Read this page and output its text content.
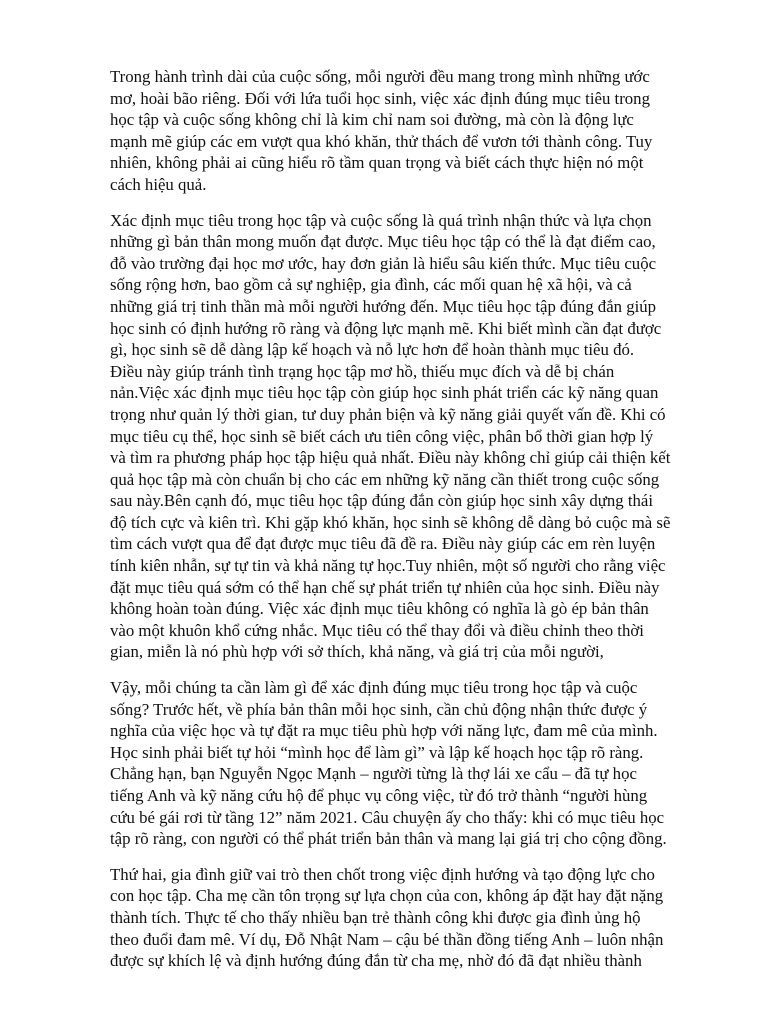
Trong hành trình dài của cuộc sống, mỗi người đều mang trong mình những ước
mơ, hoài bão riêng. Đối với lứa tuổi học sinh, việc xác định đúng mục tiêu trong
học tập và cuộc sống không chỉ là kim chỉ nam soi đường, mà còn là động lực
mạnh mẽ giúp các em vượt qua khó khăn, thử thách để vươn tới thành công. Tuy
nhiên, không phải ai cũng hiểu rõ tầm quan trọng và biết cách thực hiện nó một
cách hiệu quả.

Xác định mục tiêu trong học tập và cuộc sống là quá trình nhận thức và lựa chọn
những gì bản thân mong muốn đạt được. Mục tiêu học tập có thể là đạt điểm cao,
đỗ vào trường đại học mơ ước, hay đơn giản là hiểu sâu kiến thức. Mục tiêu cuộc
sống rộng hơn, bao gồm cả sự nghiệp, gia đình, các mối quan hệ xã hội, và cả
những giá trị tinh thần mà mỗi người hướng đến. Mục tiêu học tập đúng đắn giúp
học sinh có định hướng rõ ràng và động lực mạnh mẽ. Khi biết mình cần đạt được
gì, học sinh sẽ dễ dàng lập kế hoạch và nỗ lực hơn để hoàn thành mục tiêu đó.
Điều này giúp tránh tình trạng học tập mơ hồ, thiếu mục đích và dễ bị chán
nản.Việc xác định mục tiêu học tập còn giúp học sinh phát triển các kỹ năng quan
trọng như quản lý thời gian, tư duy phản biện và kỹ năng giải quyết vấn đề. Khi có
mục tiêu cụ thể, học sinh sẽ biết cách ưu tiên công việc, phân bổ thời gian hợp lý
và tìm ra phương pháp học tập hiệu quả nhất. Điều này không chỉ giúp cải thiện kết
quả học tập mà còn chuẩn bị cho các em những kỹ năng cần thiết trong cuộc sống
sau này.Bên cạnh đó, mục tiêu học tập đúng đắn còn giúp học sinh xây dựng thái
độ tích cực và kiên trì. Khi gặp khó khăn, học sinh sẽ không dễ dàng bỏ cuộc mà sẽ
tìm cách vượt qua để đạt được mục tiêu đã đề ra. Điều này giúp các em rèn luyện
tính kiên nhẫn, sự tự tin và khả năng tự học.Tuy nhiên, một số người cho rằng việc
đặt mục tiêu quá sớm có thể hạn chế sự phát triển tự nhiên của học sinh. Điều này
không hoàn toàn đúng. Việc xác định mục tiêu không có nghĩa là gò ép bản thân
vào một khuôn khổ cứng nhắc. Mục tiêu có thể thay đổi và điều chỉnh theo thời
gian, miễn là nó phù hợp với sở thích, khả năng, và giá trị của mỗi người,

Vậy, mỗi chúng ta cần làm gì để xác định đúng mục tiêu trong học tập và cuộc
sống? Trước hết, về phía bản thân mỗi học sinh, cần chủ động nhận thức được ý
nghĩa của việc học và tự đặt ra mục tiêu phù hợp với năng lực, đam mê của mình.
Học sinh phải biết tự hỏi “mình học để làm gì” và lập kế hoạch học tập rõ ràng.
Chẳng hạn, bạn Nguyễn Ngọc Mạnh – người từng là thợ lái xe cẩu – đã tự học
tiếng Anh và kỹ năng cứu hộ để phục vụ công việc, từ đó trở thành “người hùng
cứu bé gái rơi từ tầng 12” năm 2021. Câu chuyện ấy cho thấy: khi có mục tiêu học
tập rõ ràng, con người có thể phát triển bản thân và mang lại giá trị cho cộng đồng.

Thứ hai, gia đình giữ vai trò then chốt trong việc định hướng và tạo động lực cho
con học tập. Cha mẹ cần tôn trọng sự lựa chọn của con, không áp đặt hay đặt nặng
thành tích. Thực tế cho thấy nhiều bạn trẻ thành công khi được gia đình ủng hộ
theo đuổi đam mê. Ví dụ, Đỗ Nhật Nam – cậu bé thần đồng tiếng Anh – luôn nhận
được sự khích lệ và định hướng đúng đắn từ cha mẹ, nhờ đó đã đạt nhiều thành
